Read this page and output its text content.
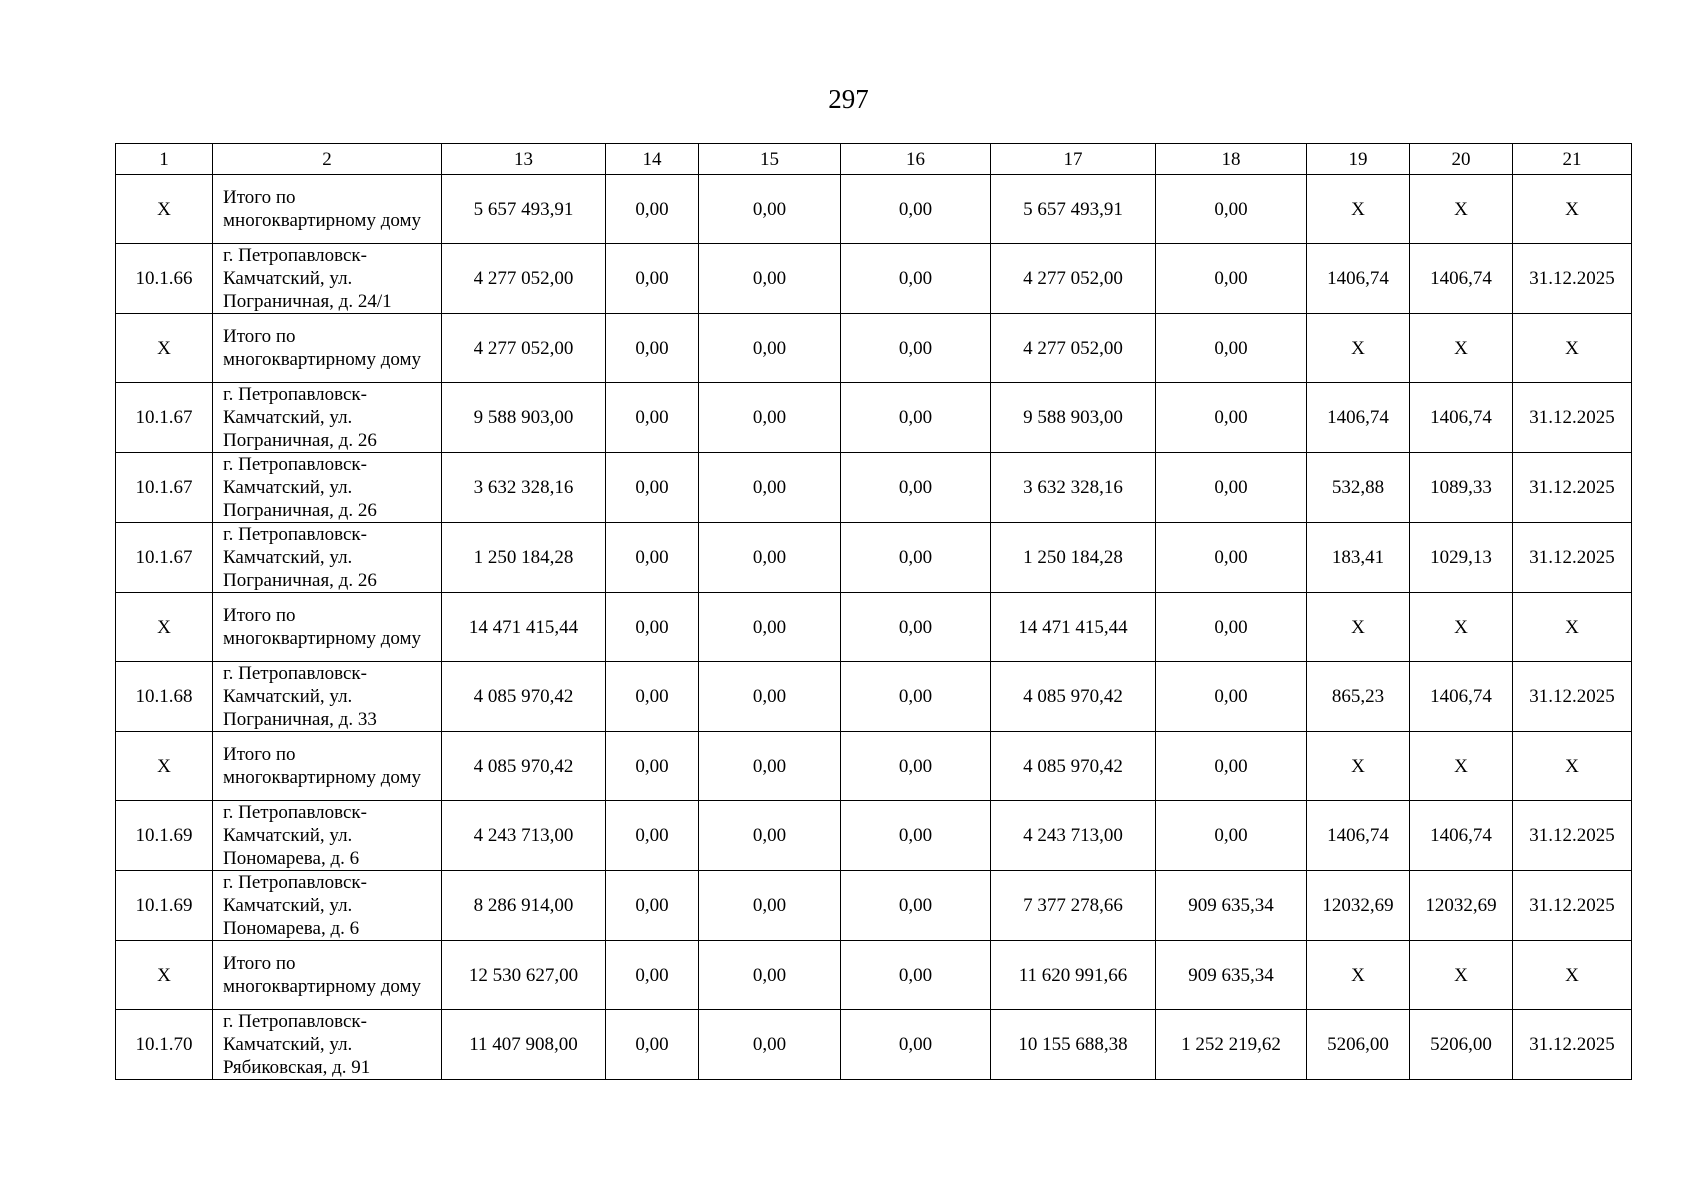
297
1	2	13	14	15	16	17	18	19	20	21
X	Итого по многоквартирному дому	5 657 493,91	0,00	0,00	0,00	5 657 493,91	0,00	X	X	X
10.1.66	г. Петропавловск-Камчатский, ул. Пограничная, д. 24/1	4 277 052,00	0,00	0,00	0,00	4 277 052,00	0,00	1406,74	1406,74	31.12.2025
X	Итого по многоквартирному дому	4 277 052,00	0,00	0,00	0,00	4 277 052,00	0,00	X	X	X
10.1.67	г. Петропавловск-Камчатский, ул. Пограничная, д. 26	9 588 903,00	0,00	0,00	0,00	9 588 903,00	0,00	1406,74	1406,74	31.12.2025
10.1.67	г. Петропавловск-Камчатский, ул. Пограничная, д. 26	3 632 328,16	0,00	0,00	0,00	3 632 328,16	0,00	532,88	1089,33	31.12.2025
10.1.67	г. Петропавловск-Камчатский, ул. Пограничная, д. 26	1 250 184,28	0,00	0,00	0,00	1 250 184,28	0,00	183,41	1029,13	31.12.2025
X	Итого по многоквартирному дому	14 471 415,44	0,00	0,00	0,00	14 471 415,44	0,00	X	X	X
10.1.68	г. Петропавловск-Камчатский, ул. Пограничная, д. 33	4 085 970,42	0,00	0,00	0,00	4 085 970,42	0,00	865,23	1406,74	31.12.2025
X	Итого по многоквартирному дому	4 085 970,42	0,00	0,00	0,00	4 085 970,42	0,00	X	X	X
10.1.69	г. Петропавловск-Камчатский, ул. Пономарева, д. 6	4 243 713,00	0,00	0,00	0,00	4 243 713,00	0,00	1406,74	1406,74	31.12.2025
10.1.69	г. Петропавловск-Камчатский, ул. Пономарева, д. 6	8 286 914,00	0,00	0,00	0,00	7 377 278,66	909 635,34	12032,69	12032,69	31.12.2025
X	Итого по многоквартирному дому	12 530 627,00	0,00	0,00	0,00	11 620 991,66	909 635,34	X	X	X
10.1.70	г. Петропавловск-Камчатский, ул. Рябиковская, д. 91	11 407 908,00	0,00	0,00	0,00	10 155 688,38	1 252 219,62	5206,00	5206,00	31.12.2025
